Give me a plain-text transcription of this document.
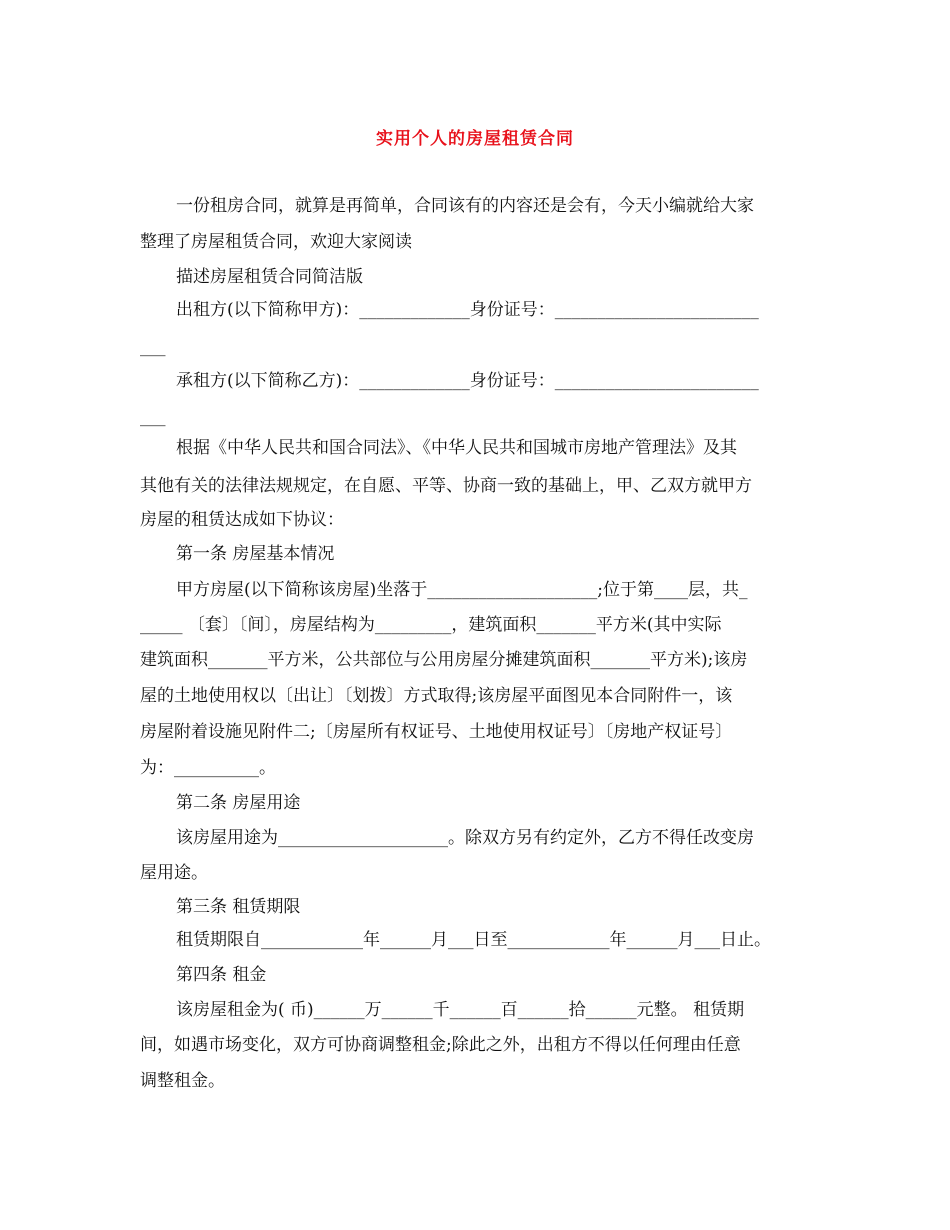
实用个人的房屋租赁合同
一份租房合同，就算是再简单，合同该有的内容还是会有，今天小编就给大家
整理了房屋租赁合同，欢迎大家阅读
描述房屋租赁合同简洁版
出租方(以下简称甲方)：_____________身份证号：________________________
___
承租方(以下简称乙方)：_____________身份证号：________________________
___
根据《中华人民共和国合同法》、《中华人民共和国城市房地产管理法》及其
其他有关的法律法规规定，在自愿、平等、协商一致的基础上，甲、乙双方就甲方
房屋的租赁达成如下协议：
第一条 房屋基本情况
甲方房屋(以下简称该房屋)坐落于____________________;位于第____层，共_
_____ 〔套〕〔间〕，房屋结构为_________，建筑面积_______平方米(其中实际
建筑面积_______平方米，公共部位与公用房屋分摊建筑面积_______平方米);该房
屋的土地使用权以〔出让〕〔划拨〕方式取得;该房屋平面图见本合同附件一，该
房屋附着设施见附件二;〔房屋所有权证号、土地使用权证号〕〔房地产权证号〕
为：__________。
第二条 房屋用途
该房屋用途为____________________。除双方另有约定外，乙方不得任改变房
屋用途。
第三条 租赁期限
租赁期限自____________年______月___日至____________年______月___日止。
第四条 租金
该房屋租金为( 币)______万______千______百______拾______元整。 租赁期
间，如遇市场变化，双方可协商调整租金;除此之外，出租方不得以任何理由任意
调整租金。
